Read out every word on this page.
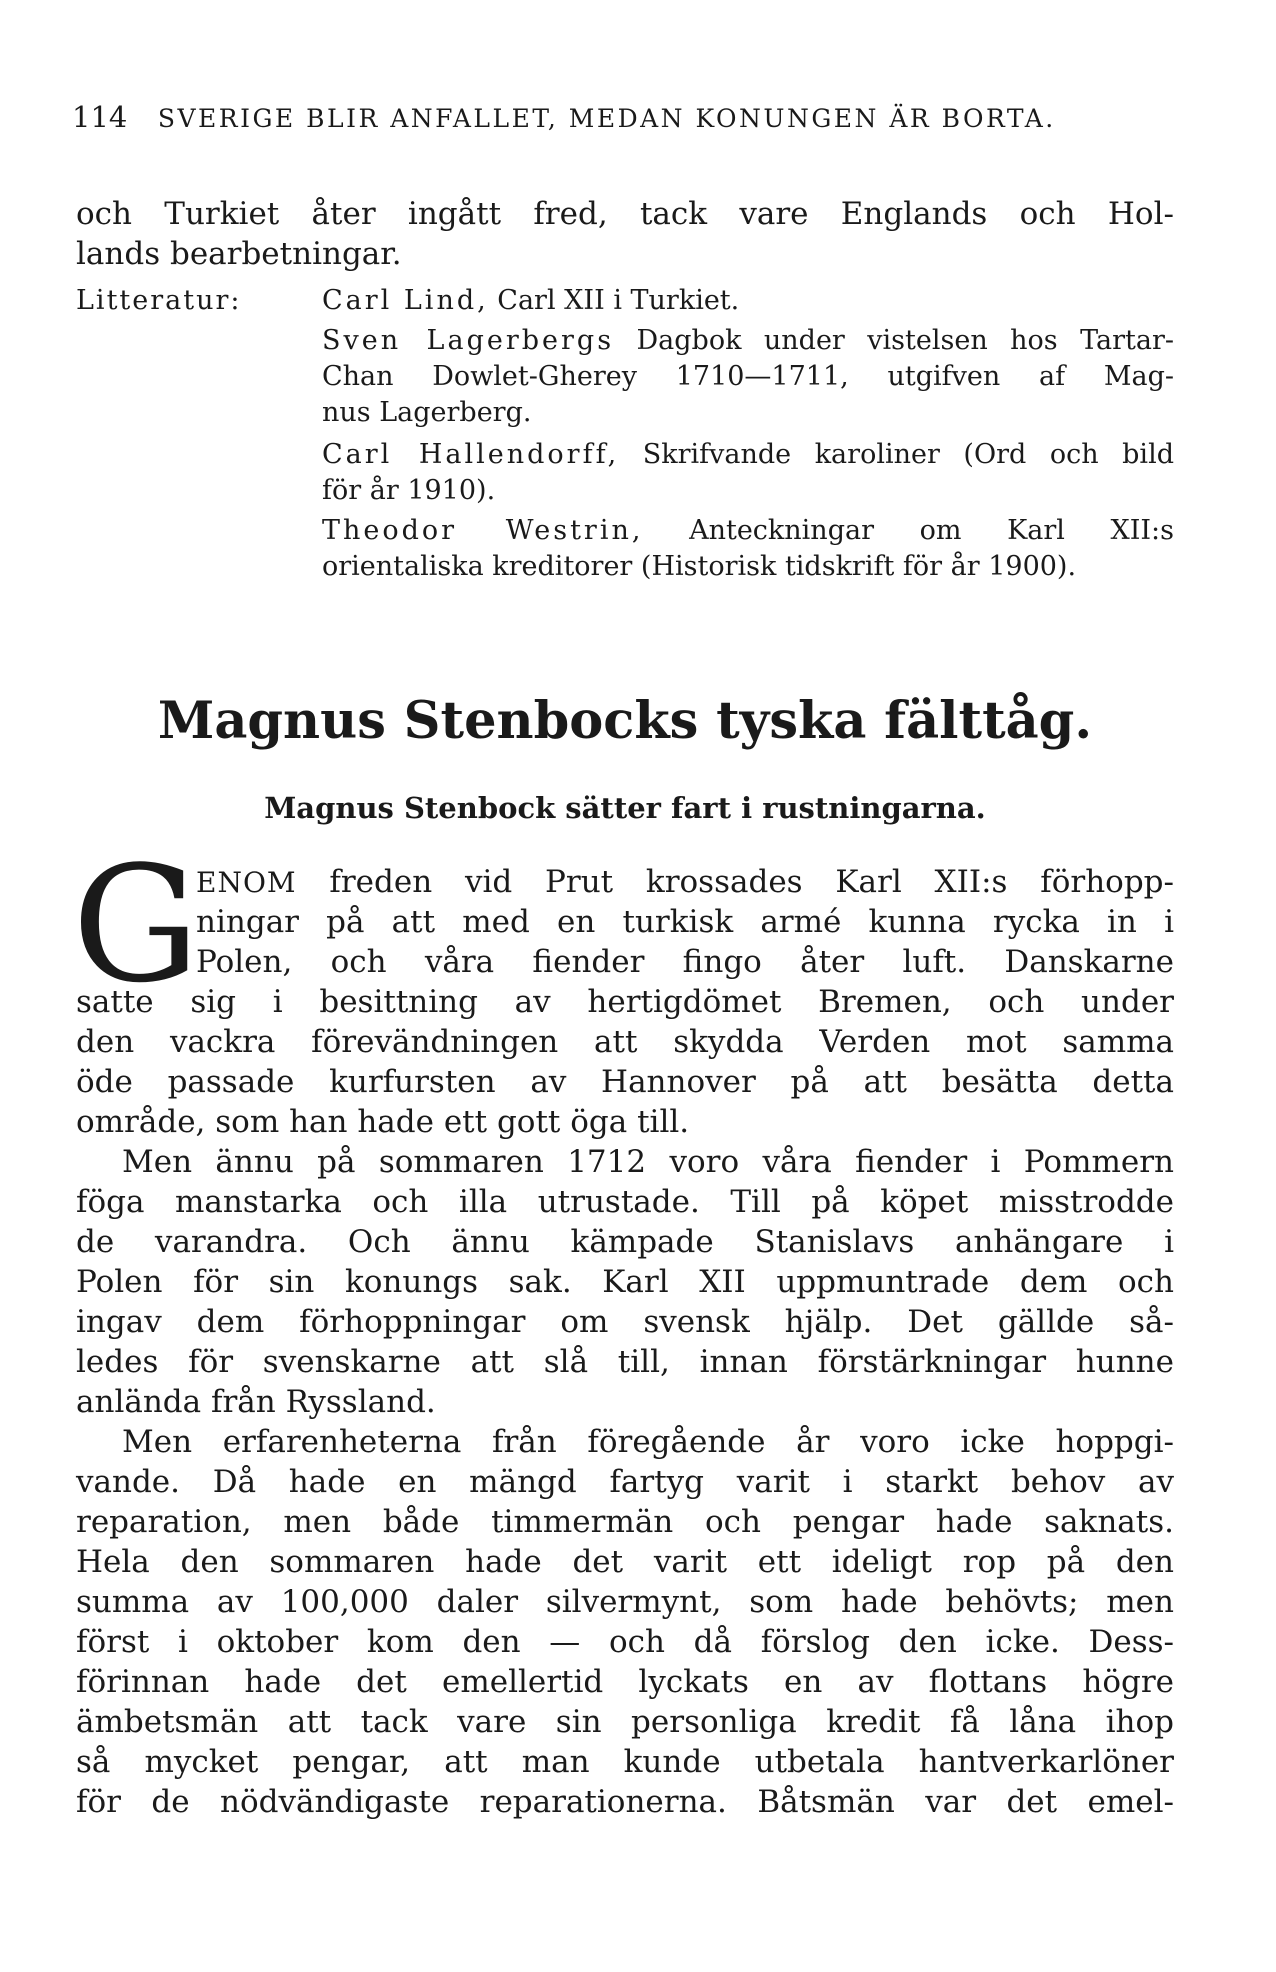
114 SVERIGE BLIR ANFALLET, MEDAN KONUNGEN ÄR BORTA.
och Turkiet åter ingått fred, tack vare Englands och Hol-
lands bearbetningar.
Litteratur:	Carl Lind, Carl XII i Turkiet.
Sven Lagerbergs Dagbok under vistelsen hos Tartar-
Chan Dowlet-Gherey 1710—1711, utgifven af Mag-
nus Lagerberg.
Carl Hallendorff, Skrifvande karoliner (Ord och bild
för år 1910).
Theodor Westrin, Anteckningar om Karl XII:s
orientaliska kreditorer (Historisk tidskrift för år 1900).
Magnus Stenbocks tyska fälttåg.
Magnus Stenbock sätter fart i rustningarna.
G
ENOM freden vid Prut krossades Karl XII:s förhopp-
ningar på att med en turkisk armé kunna rycka in i
Polen, och våra fiender fingo åter luft. Danskarne
satte sig i besittning av hertigdömet Bremen, och under
den vackra förevändningen att skydda Verden mot samma
öde passade kurfursten av Hannover på att besätta detta
område, som han hade ett gott öga till.
Men ännu på sommaren 1712 voro våra fiender i Pommern
föga manstarka och illa utrustade. Till på köpet misstrodde
de varandra. Och ännu kämpade Stanislavs anhängare i
Polen för sin konungs sak. Karl XII uppmuntrade dem och
ingav dem förhoppningar om svensk hjälp. Det gällde så-
ledes för svenskarne att slå till, innan förstärkningar hunne
anlända från Ryssland.
Men erfarenheterna från föregående år voro icke hoppgi-
vande. Då hade en mängd fartyg varit i starkt behov av
reparation, men både timmermän och pengar hade saknats.
Hela den sommaren hade det varit ett ideligt rop på den
summa av 100,000 daler silvermynt, som hade behövts; men
först i oktober kom den — och då förslog den icke. Dess-
förinnan hade det emellertid lyckats en av flottans högre
ämbetsmän att tack vare sin personliga kredit få låna ihop
så mycket pengar, att man kunde utbetala hantverkarlöner
för de nödvändigaste reparationerna. Båtsmän var det emel-
